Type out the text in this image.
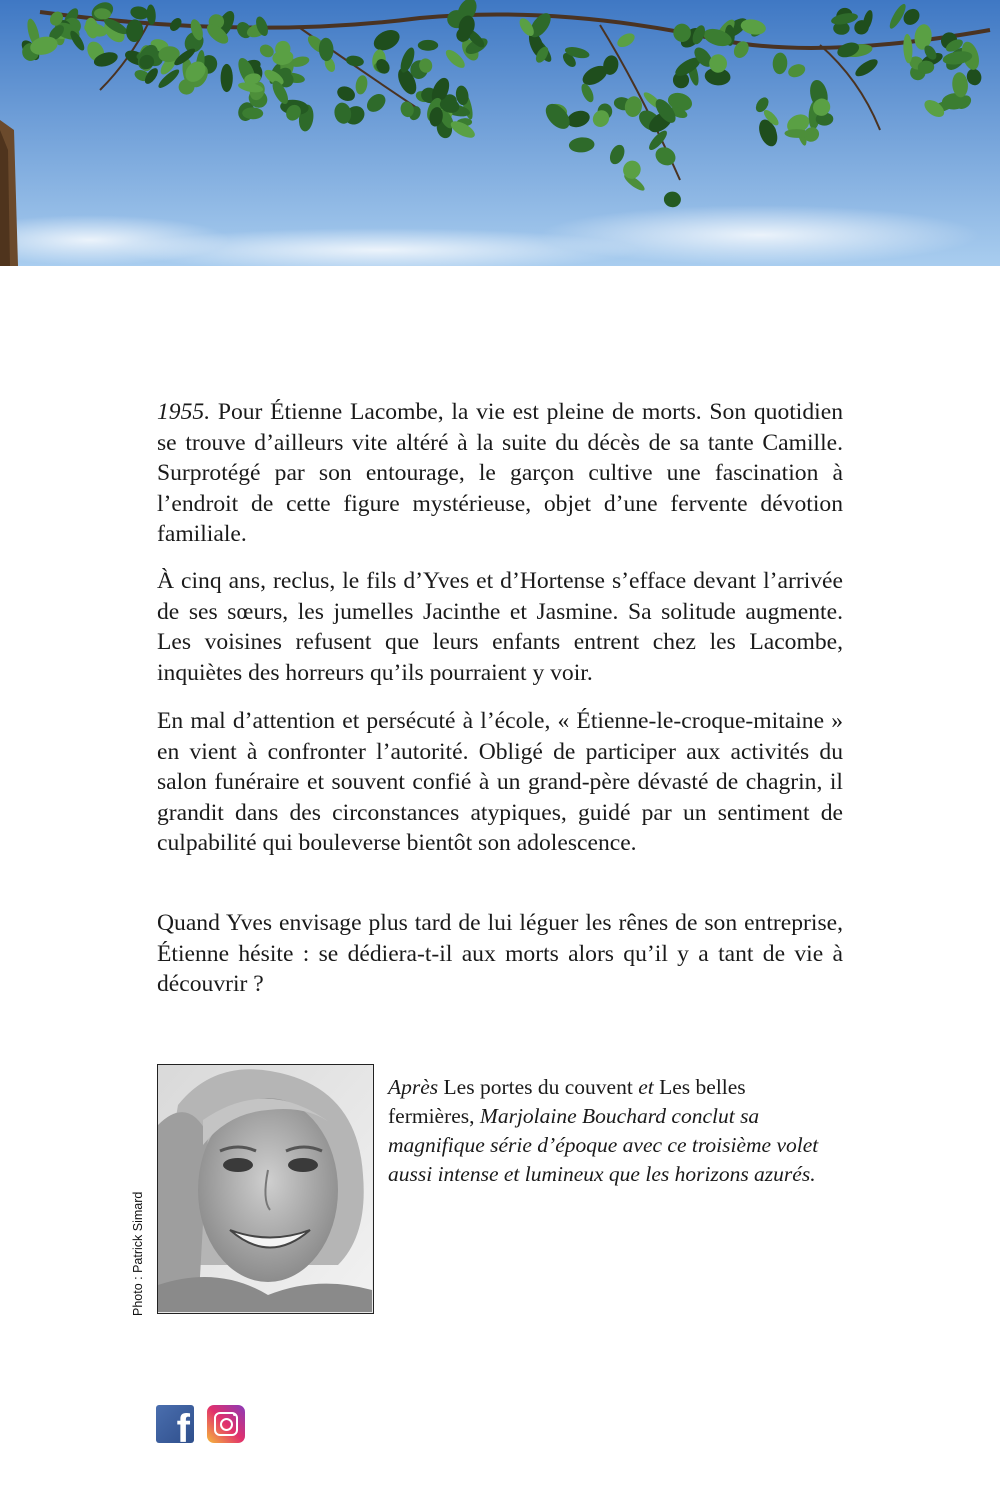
1955. Pour Étienne Lacombe, la vie est pleine de morts. Son quotidien se trouve d’ailleurs vite altéré à la suite du décès de sa tante Camille. Surprotégé par son entourage, le garçon cultive une fascination à l’endroit de cette figure mystérieuse, objet d’une fervente dévotion familiale.

À cinq ans, reclus, le fils d’Yves et d’Hortense s’efface devant l’arrivée de ses sœurs, les jumelles Jacinthe et Jasmine. Sa solitude augmente. Les voisines refusent que leurs enfants entrent chez les Lacombe, inquiètes des horreurs qu’ils pourraient y voir.

En mal d’attention et persécuté à l’école, « Étienne-le-croque-mitaine » en vient à confronter l’autorité. Obligé de participer aux activités du salon funéraire et souvent confié à un grand-père dévasté de chagrin, il grandit dans des circonstances atypiques, guidé par un sentiment de culpabilité qui bouleverse bientôt son adolescence.

Quand Yves envisage plus tard de lui léguer les rênes de son entreprise, Étienne hésite : se dédiera-t-il aux morts alors qu’il y a tant de vie à découvrir ?

Photo : Patrick Simard

Après Les portes du couvent et Les belles fermières, Marjolaine Bouchard conclut sa magnifique série d’époque avec ce troisième volet aussi intense et lumineux que les horizons azurés.

f
